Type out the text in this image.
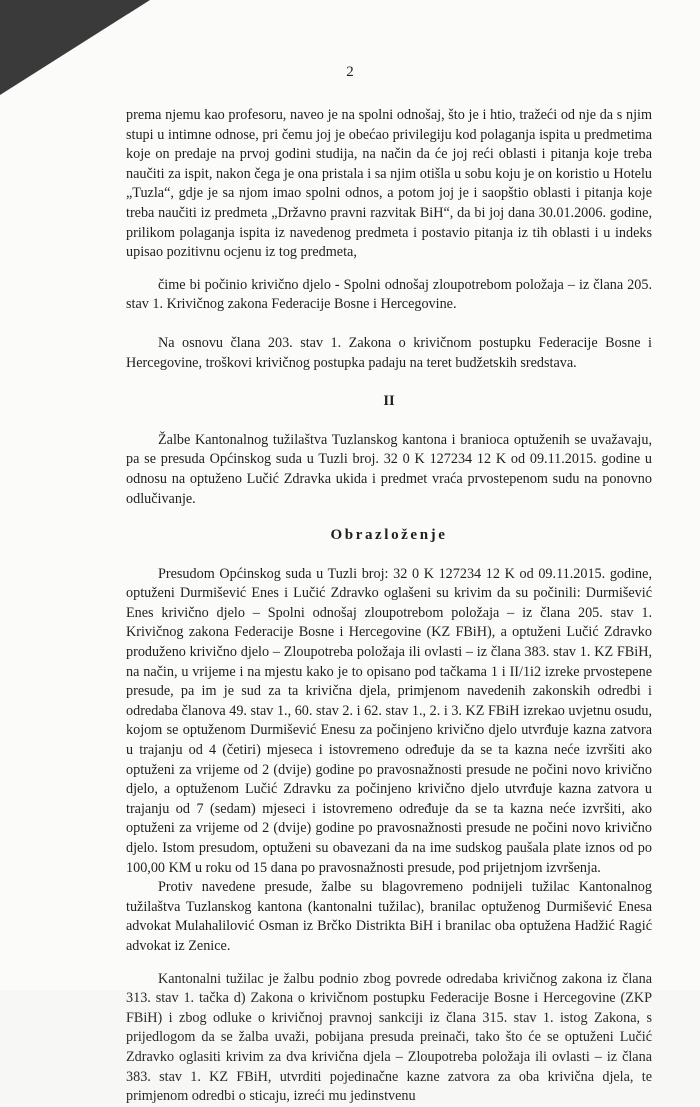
2

prema njemu kao profesoru, naveo je na spolni odnošaj, što je i htio, tražeći od nje da s njim stupi u intimne odnose, pri čemu joj je obećao privilegiju kod polaganja ispita u predmetima koje on predaje na prvoj godini studija, na način da će joj reći oblasti i pitanja koje treba naučiti za ispit, nakon čega je ona pristala i sa njim otišla u sobu koju je on koristio u Hotelu „Tuzla“, gdje je sa njom imao spolni odnos, a potom joj je i saopštio oblasti i pitanja koje treba naučiti iz predmeta „Državno pravni razvitak BiH“, da bi joj dana 30.01.2006. godine, prilikom polaganja ispita iz navedenog predmeta i postavio pitanja iz tih oblasti i u indeks upisao pozitivnu ocjenu iz tog predmeta,

čime bi počinio krivično djelo - Spolni odnošaj zloupotrebom položaja – iz člana 205. stav 1. Krivičnog zakona Federacije Bosne i Hercegovine.

Na osnovu člana 203. stav 1. Zakona o krivičnom postupku Federacije Bosne i Hercegovine, troškovi krivičnog postupka padaju na teret budžetskih sredstava.

II

Žalbe Kantonalnog tužilaštva Tuzlanskog kantona i branioca optuženih se uvažavaju, pa se presuda Općinskog suda u Tuzli broj. 32 0 K 127234 12 K od 09.11.2015. godine u odnosu na optuženo Lučić Zdravka ukida i predmet vraća prvostepenom sudu na ponovno odlučivanje.

Obrazloženje

Presudom Općinskog suda u Tuzli broj: 32 0 K 127234 12 K od 09.11.2015. godine, optuženi Durmišević Enes i Lučić Zdravko oglašeni su krivim da su počinili: Durmišević Enes krivično djelo – Spolni odnošaj zloupotrebom položaja – iz člana 205. stav 1. Krivičnog zakona Federacije Bosne i Hercegovine (KZ FBiH), a optuženi Lučić Zdravko produženo krivično djelo – Zloupotreba položaja ili ovlasti – iz člana 383. stav 1. KZ FBiH, na način, u vrijeme i na mjestu kako je to opisano pod tačkama 1 i II/1i2 izreke prvostepene presude, pa im je sud za ta krivična djela, primjenom navedenih zakonskih odredbi i odredaba članova 49. stav 1., 60. stav 2. i 62. stav 1., 2. i 3. KZ FBiH izrekao uvjetnu osudu, kojom se optuženom Durmišević Enesu za počinjeno krivično djelo utvrđuje kazna zatvora u trajanju od 4 (četiri) mjeseca i istovremeno određuje da se ta kazna neće izvršiti ako optuženi za vrijeme od 2 (dvije) godine po pravosnažnosti presude ne počini novo krivično djelo, a optuženom Lučić Zdravku za počinjeno krivično djelo utvrđuje kazna zatvora u trajanju od 7 (sedam) mjeseci i istovremeno određuje da se ta kazna neće izvršiti, ako optuženi za vrijeme od 2 (dvije) godine po pravosnažnosti presude ne počini novo krivično djelo. Istom presudom, optuženi su obavezani da na ime sudskog paušala plate iznos od po 100,00 KM u roku od 15 dana po pravosnažnosti presude, pod prijetnjom izvršenja.

Protiv navedene presude, žalbe su blagovremeno podnijeli tužilac Kantonalnog tužilaštva Tuzlanskog kantona (kantonalni tužilac), branilac optuženog Durmišević Enesa advokat Mulahalilović Osman iz Brčko Distrikta BiH i branilac oba optužena Hadžić Ragić advokat iz Zenice.

Kantonalni tužilac je žalbu podnio zbog povrede odredaba krivičnog zakona iz člana 313. stav 1. tačka d) Zakona o krivičnom postupku Federacije Bosne i Hercegovine (ZKP FBiH) i zbog odluke o krivičnoj pravnoj sankciji iz člana 315. stav 1. istog Zakona, s prijedlogom da se žalba uvaži, pobijana presuda preinači, tako što će se optuženi Lučić Zdravko oglasiti krivim za dva krivična djela – Zloupotreba položaja ili ovlasti – iz člana 383. stav 1. KZ FBiH, utvrditi pojedinačne kazne zatvora za oba krivična djela, te primjenom odredbi o sticaju, izreći mu jedinstvenu
